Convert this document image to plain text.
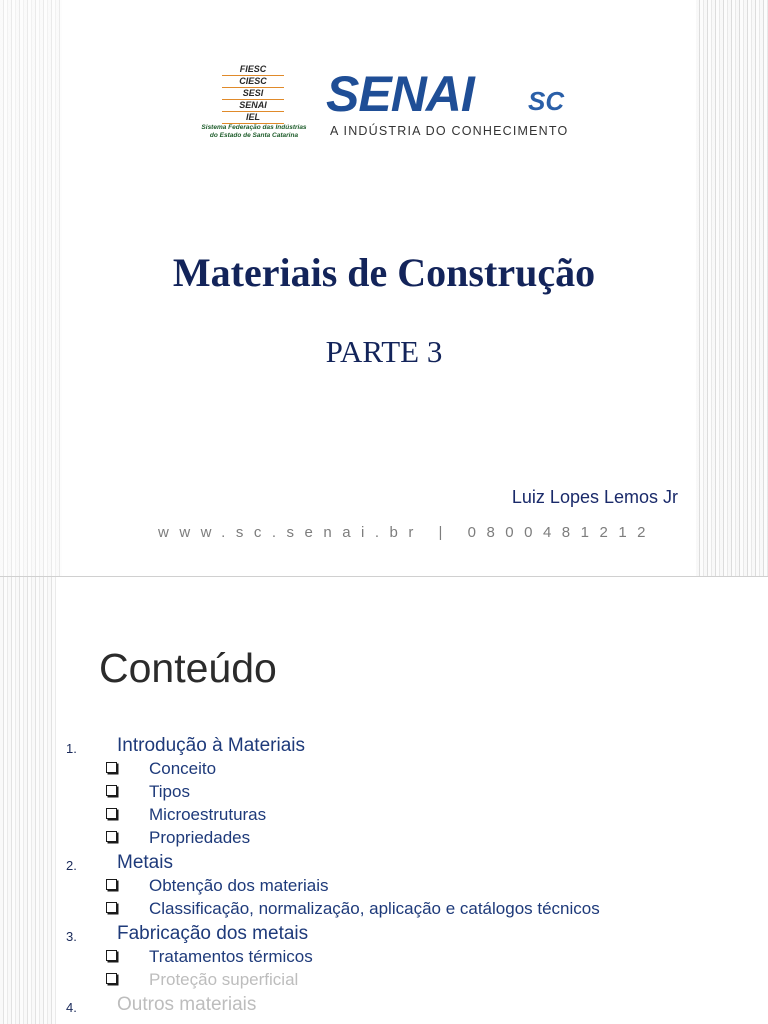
FIESC
CIESC
SESI
SENAI
IEL
Sistema Federação das Indústrias do Estado de Santa Catarina
SENAI SC
A INDÚSTRIA DO CONHECIMENTO
Materiais de Construção
PARTE 3
Luiz Lopes Lemos Jr
www.sc.senai.br | 0800481212
Conteúdo
1. Introdução à Materiais
Conceito
Tipos
Microestruturas
Propriedades
2. Metais
Obtenção dos materiais
Classificação, normalização, aplicação e catálogos técnicos
3. Fabricação dos metais
Tratamentos térmicos
Proteção superficial
4. Outros materiais
